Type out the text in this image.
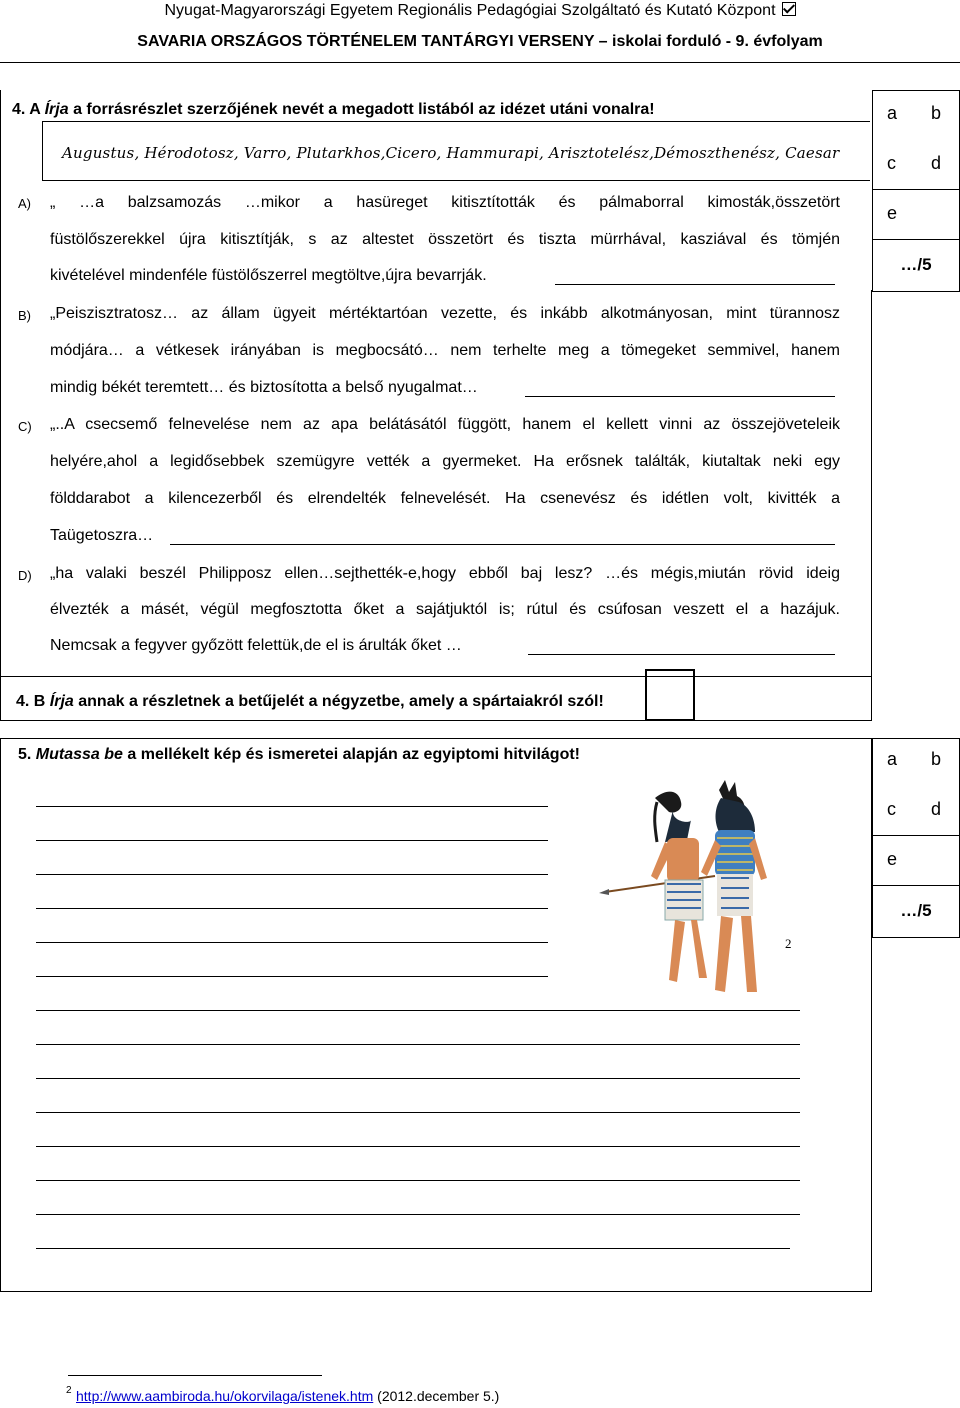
Nyugat-Magyarországi Egyetem Regionális Pedagógiai Szolgáltató és Kutató Központ
SAVARIA ORSZÁGOS TÖRTÉNELEM TANTÁRGYI VERSENY – iskolai forduló - 9. évfolyam
a b
c d
e
…/5
4. A Írja a forrásrészlet szerzőjének nevét a megadott listából az idézet utáni vonalra!
Augustus, Hérodotosz, Varro, Plutarkhos,Cicero, Hammurapi, Arisztotelész,Démoszthenész, Caesar
A) „ …a balzsamozás …mikor a hasüreget kitisztították és pálmaborral kimosták,összetört
füstölőszerekkel újra kitisztítják, s az altestet összetört és tiszta mürrhával, kasziával és tömjén
kivételével mindenféle füstölőszerrel megtöltve,újra bevarrják.
B) „Peiszisztratosz… az állam ügyeit mértéktartóan vezette, és inkább alkotmányosan, mint türannosz
módjára… a vétkesek irányában is megbocsátó… nem terhelte meg a tömegeket semmivel, hanem
mindig békét teremtett… és biztosította a belső nyugalmat…
C) „..A csecsemő felnevelése nem az apa belátásától függött, hanem el kellett vinni az összejöveteleik
helyére,ahol a legidősebbek szemügyre vették a gyermeket. Ha erősnek találták, kiutaltak neki egy
földdarabot a kilencezerből és elrendelték felnevelését. Ha csenevész és idétlen volt, kivitték a
Taügetoszra…
D) „ha valaki beszél Philipposz ellen…sejthették-e,hogy ebből baj lesz? …és mégis,miután rövid ideig
élvezték a másét, végül megfosztotta őket a sajátjuktól is; rútul és csúfosan veszett el a hazájuk.
Nemcsak a fegyver győzött felettük,de el is árulták őket …
4. B Írja annak a részletnek a betűjelét a négyzetbe, amely a spártaiakról szól!
a b
c d
e
…/5
5. Mutassa be a mellékelt kép és ismeretei alapján az egyiptomi hitvilágot!
2
2 http://www.aambiroda.hu/okorvilaga/istenek.htm (2012.december 5.)
